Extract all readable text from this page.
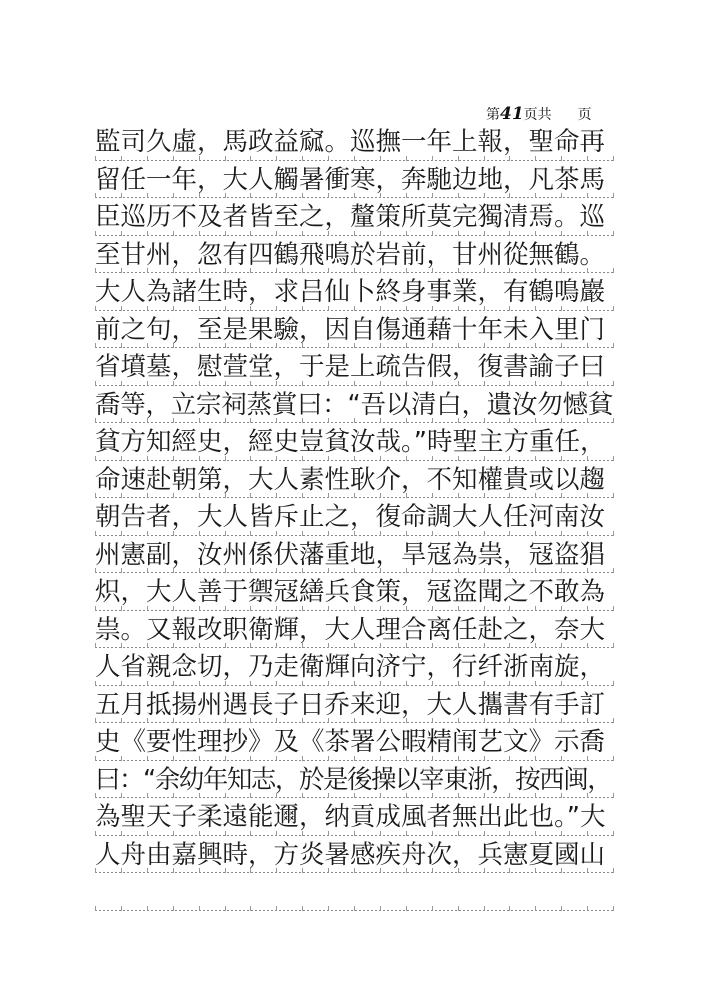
第41页共 页
監司久虛，馬政益窳。巡撫一年上報，聖命再
留任一年，大人觸暑衝寒，奔馳边地，凡茶馬
臣巡历不及者皆至之，釐策所莫完獨清焉。巡
至甘州，忽有四鶴飛鳴於岩前，甘州從無鶴。
大人為諸生時，求吕仙卜終身事業，有鶴鳴巖
前之句，至是果驗，因自傷通藉十年未入里门
省墳墓，慰萱堂，于是上疏告假，復書諭子曰
喬等，立宗祠蒸賞曰：“吾以清白，遺汝勿憾貧
貧方知經史，經史豈貧汝哉。”時聖主方重任，
命速赴朝第，大人素性耿介，不知權貴或以趨
朝告者，大人皆斥止之，復命調大人任河南汝
州憲副，汝州係伏藩重地，旱冦為祟，冦盗猖
炽，大人善于禦冦繕兵食策，冦盗聞之不敢為
祟。又報改职衛輝，大人理合离任赴之，奈大
人省親念切，乃走衛輝向济宁，行纤浙南旋，
五月抵揚州遇長子日乔来迎，大人攜書有手訂
史《要性理抄》及《茶署公暇精闱艺文》示喬
曰：“余幼年知志，於是後操以宰東浙，按西闽，
為聖天子柔遠能邇，纳貢成風者無出此也。”大
人舟由嘉興時，方炎暑感疾舟次，兵憲夏國山
